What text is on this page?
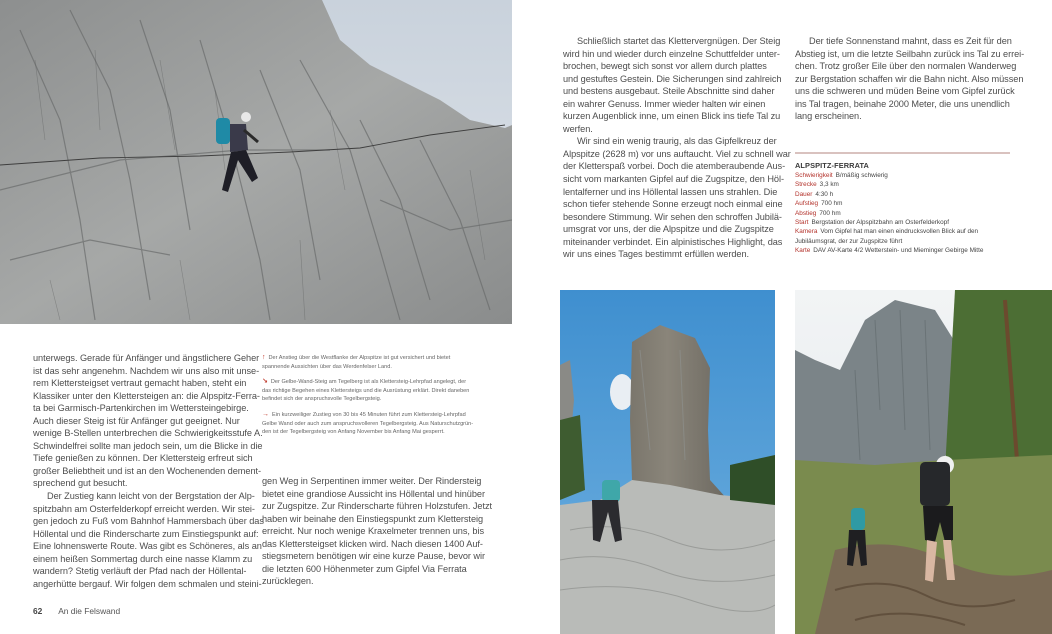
unterwegs. Gerade für Anfänger und ängstlichere Geher
ist das sehr angenehm. Nachdem wir uns also mit unse-
rem Klettersteigset vertraut gemacht haben, steht ein
Klassiker unter den Klettersteigen an: die Alpspitz-Ferra-
ta bei Garmisch-Partenkirchen im Wettersteingebirge.
Auch dieser Steig ist für Anfänger gut geeignet. Nur
wenige B-Stellen unterbrechen die Schwierigkeitsstufe A.
Schwindelfrei sollte man jedoch sein, um die Blicke in die
Tiefe genießen zu können. Der Klettersteig erfreut sich
großer Beliebtheit und ist an den Wochenenden dement-
sprechend gut besucht.

Der Zustieg kann leicht von der Bergstation der Alp-
spitzbahn am Osterfelderkopf erreicht werden. Wir stei-
gen jedoch zu Fuß vom Bahnhof Hammersbach über das
Höllental und die Rinderscharte zum Einstiegspunkt auf:
Eine lohnenswerte Route. Was gibt es Schöneres, als an
einem heißen Sommertag durch eine nasse Klamm zu
wandern? Stetig verläuft der Pfad nach der Höllental-
angerhütte bergauf. Wir folgen dem schmalen und steini-

↑ Der Anstieg über die Westflanke der Alpspitze ist gut versichert und bietet
spannende Aussichten über das Werdenfelser Land.
↘ Der Gelbe-Wand-Steig am Tegelberg ist als Klettersteig-Lehrpfad angelegt, der
das richtige Begehen eines Klettersteigs und die Ausrüstung erklärt. Direkt daneben
befindet sich der anspruchsvolle Tegelbergsteig.
→ Ein kurzweiliger Zustieg von 30 bis 45 Minuten führt zum Klettersteig-Lehrpfad
Gelbe Wand oder auch zum anspruchsvolleren Tegelbergsteig. Aus Naturschutzgrün-
den ist der Tegelbergsteig von Anfang November bis Anfang Mai gesperrt.

gen Weg in Serpentinen immer weiter. Der Rindersteig
bietet eine grandiose Aussicht ins Höllental und hinüber
zur Zugspitze. Zur Rinderscharte führen Holzstufen. Jetzt
haben wir beinahe den Einstiegspunkt zum Klettersteig
erreicht. Nur noch wenige Kraxelmeter trennen uns, bis
das Klettersteigset klicken wird. Nach diesen 1400 Auf-
stiegsmetern benötigen wir eine kurze Pause, bevor wir
die letzten 600 Höhenmeter zum Gipfel Via Ferrata
zurücklegen.

Schließlich startet das Klettervergnügen. Der Steig
wird hin und wieder durch einzelne Schuttfelder unter-
brochen, bewegt sich sonst vor allem durch plattes
und gestuftes Gestein. Die Sicherungen sind zahlreich
und bestens ausgebaut. Steile Abschnitte sind daher
ein wahrer Genuss. Immer wieder halten wir einen
kurzen Augenblick inne, um einen Blick ins tiefe Tal zu
werfen.

Wir sind ein wenig traurig, als das Gipfelkreuz der
Alpspitze (2628 m) vor uns auftaucht. Viel zu schnell war
der Kletterspaß vorbei. Doch die atemberaubende Aus-
sicht vom markanten Gipfel auf die Zugspitze, den Höl-
lentalferner und ins Höllental lassen uns strahlen. Die
schon tiefer stehende Sonne erzeugt noch einmal eine
besondere Stimmung. Wir sehen den schroffen Jubilä-
umsgrat vor uns, der die Alpspitze und die Zugspitze
miteinander verbindet. Ein alpinistisches Highlight, das
wir uns eines Tages bestimmt erfüllen werden.

Der tiefe Sonnenstand mahnt, dass es Zeit für den
Abstieg ist, um die letzte Seilbahn zurück ins Tal zu errei-
chen. Trotz großer Eile über den normalen Wanderweg
zur Bergstation schaffen wir die Bahn nicht. Also müssen
uns die schweren und müden Beine vom Gipfel zurück
ins Tal tragen, beinahe 2000 Meter, die uns unendlich
lang erscheinen.

ALPSPITZ-FERRATA
Schwierigkeit B/mäßig schwierig
Strecke 3,3 km
Dauer 4:30 h
Aufstieg 700 hm
Abstieg 700 hm
Start Bergstation der Alpspitzbahn am Osterfelderkopf
Kamera Vom Gipfel hat man einen eindrucksvollen Blick auf den Jubiläumsgrat, der zur Zugspitze führt
Karte DAV AV-Karte 4/2 Wetterstein- und Mieminger Gebirge Mitte
62 An die Felswand
